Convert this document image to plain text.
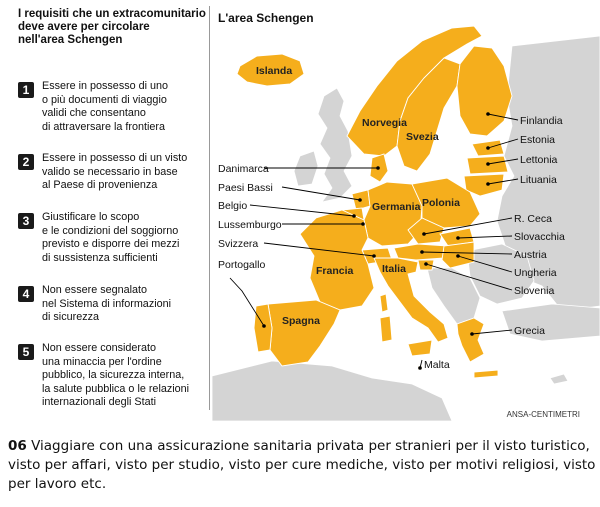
I requisiti che un extracomunitario
deve avere per circolare
nell'area Schengen
1	Essere in possesso di uno
o più documenti di viaggio
validi che consentano
di attraversare la frontiera
2	Essere in possesso di un visto
valido se necessario in base
al Paese di provenienza
3	Giustificare lo scopo
e le condizioni del soggiorno
previsto e disporre dei mezzi
di sussistenza sufficienti
4	Non essere segnalato
nel Sistema di informazioni
di sicurezza
5	Non essere considerato
una minaccia per l'ordine
pubblico, la sicurezza interna,
la salute pubblica o le relazioni
internazionali degli Stati
L'area Schengen
Islanda
Norvegia
Svezia
Germania Polonia
Francia	Italia
Spagna
Danimarca
Paesi Bassi
Belgio
Lussemburgo
Svizzera
Portogallo
Finlandia
Estonia
Lettonia
Lituania
R. Ceca
Slovacchia
Austria
Ungheria
Slovenia
Grecia
Malta
ANSA-CENTIMETRI
06 Viaggiare con una assicurazione sanitaria privata per stranieri per il visto turistico, visto per affari, visto per studio, visto per cure mediche, visto per motivi religiosi, visto per lavoro etc.
